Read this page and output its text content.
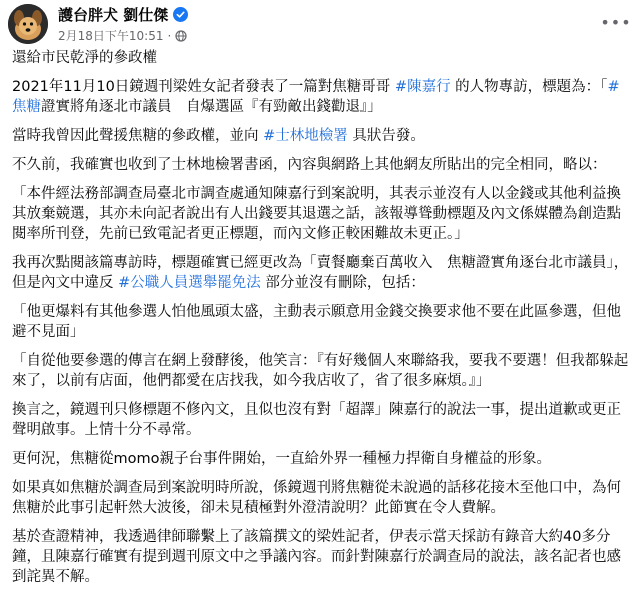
護台胖犬 劉仕傑
2月18日下午10:51 ·
•••

還給市民乾淨的參政權

2021年11月10日鏡週刊梁姓女記者發表了一篇對焦糖哥哥 #陳嘉行 的人物專訪，標題為：「#焦糖證實將角逐北市議員　自爆選區『有勁敵出錢勸退』」

當時我曾因此聲援焦糖的參政權，並向 #士林地檢署 具狀告發。

不久前，我確實也收到了士林地檢署書函，內容與網路上其他網友所貼出的完全相同，略以：

「本件經法務部調查局臺北市調查處通知陳嘉行到案說明，其表示並沒有人以金錢或其他利益換其放棄競選，其亦未向記者說出有人出錢要其退選之話，該報導聳動標題及內文係媒體為創造點閱率所刊登，先前已致電記者更正標題，而內文修正較困難故未更正。」

我再次點閱該篇專訪時，標題確實已經更改為「賣餐廳棄百萬收入　焦糖證實角逐台北市議員」，但是內文中違反 #公職人員選舉罷免法 部分並沒有刪除，包括：

「他更爆料有其他參選人怕他風頭太盛，主動表示願意用金錢交換要求他不要在此區參選，但他避不見面」

「自從他要參選的傳言在網上發酵後，他笑言：『有好幾個人來聯絡我，要我不要選！但我都躲起來了，以前有店面，他們都愛在店找我，如今我店收了，省了很多麻煩。』」

換言之，鏡週刊只修標題不修內文，且似也沒有對「超譯」陳嘉行的說法一事，提出道歉或更正聲明啟事。上情十分不尋常。

更何況，焦糖從momo親子台事件開始，一直給外界一種極力捍衛自身權益的形象。

如果真如焦糖於調查局到案說明時所說，係鏡週刊將焦糖從未說過的話移花接木至他口中，為何焦糖於此事引起軒然大波後，卻未見積極對外澄清說明？此節實在令人費解。

基於查證精神，我透過律師聯繫上了該篇撰文的梁姓記者，伊表示當天採訪有錄音大約40多分鐘，且陳嘉行確實有提到週刊原文中之爭議內容。而針對陳嘉行於調查局的說法，該名記者也感到詫異不解。
